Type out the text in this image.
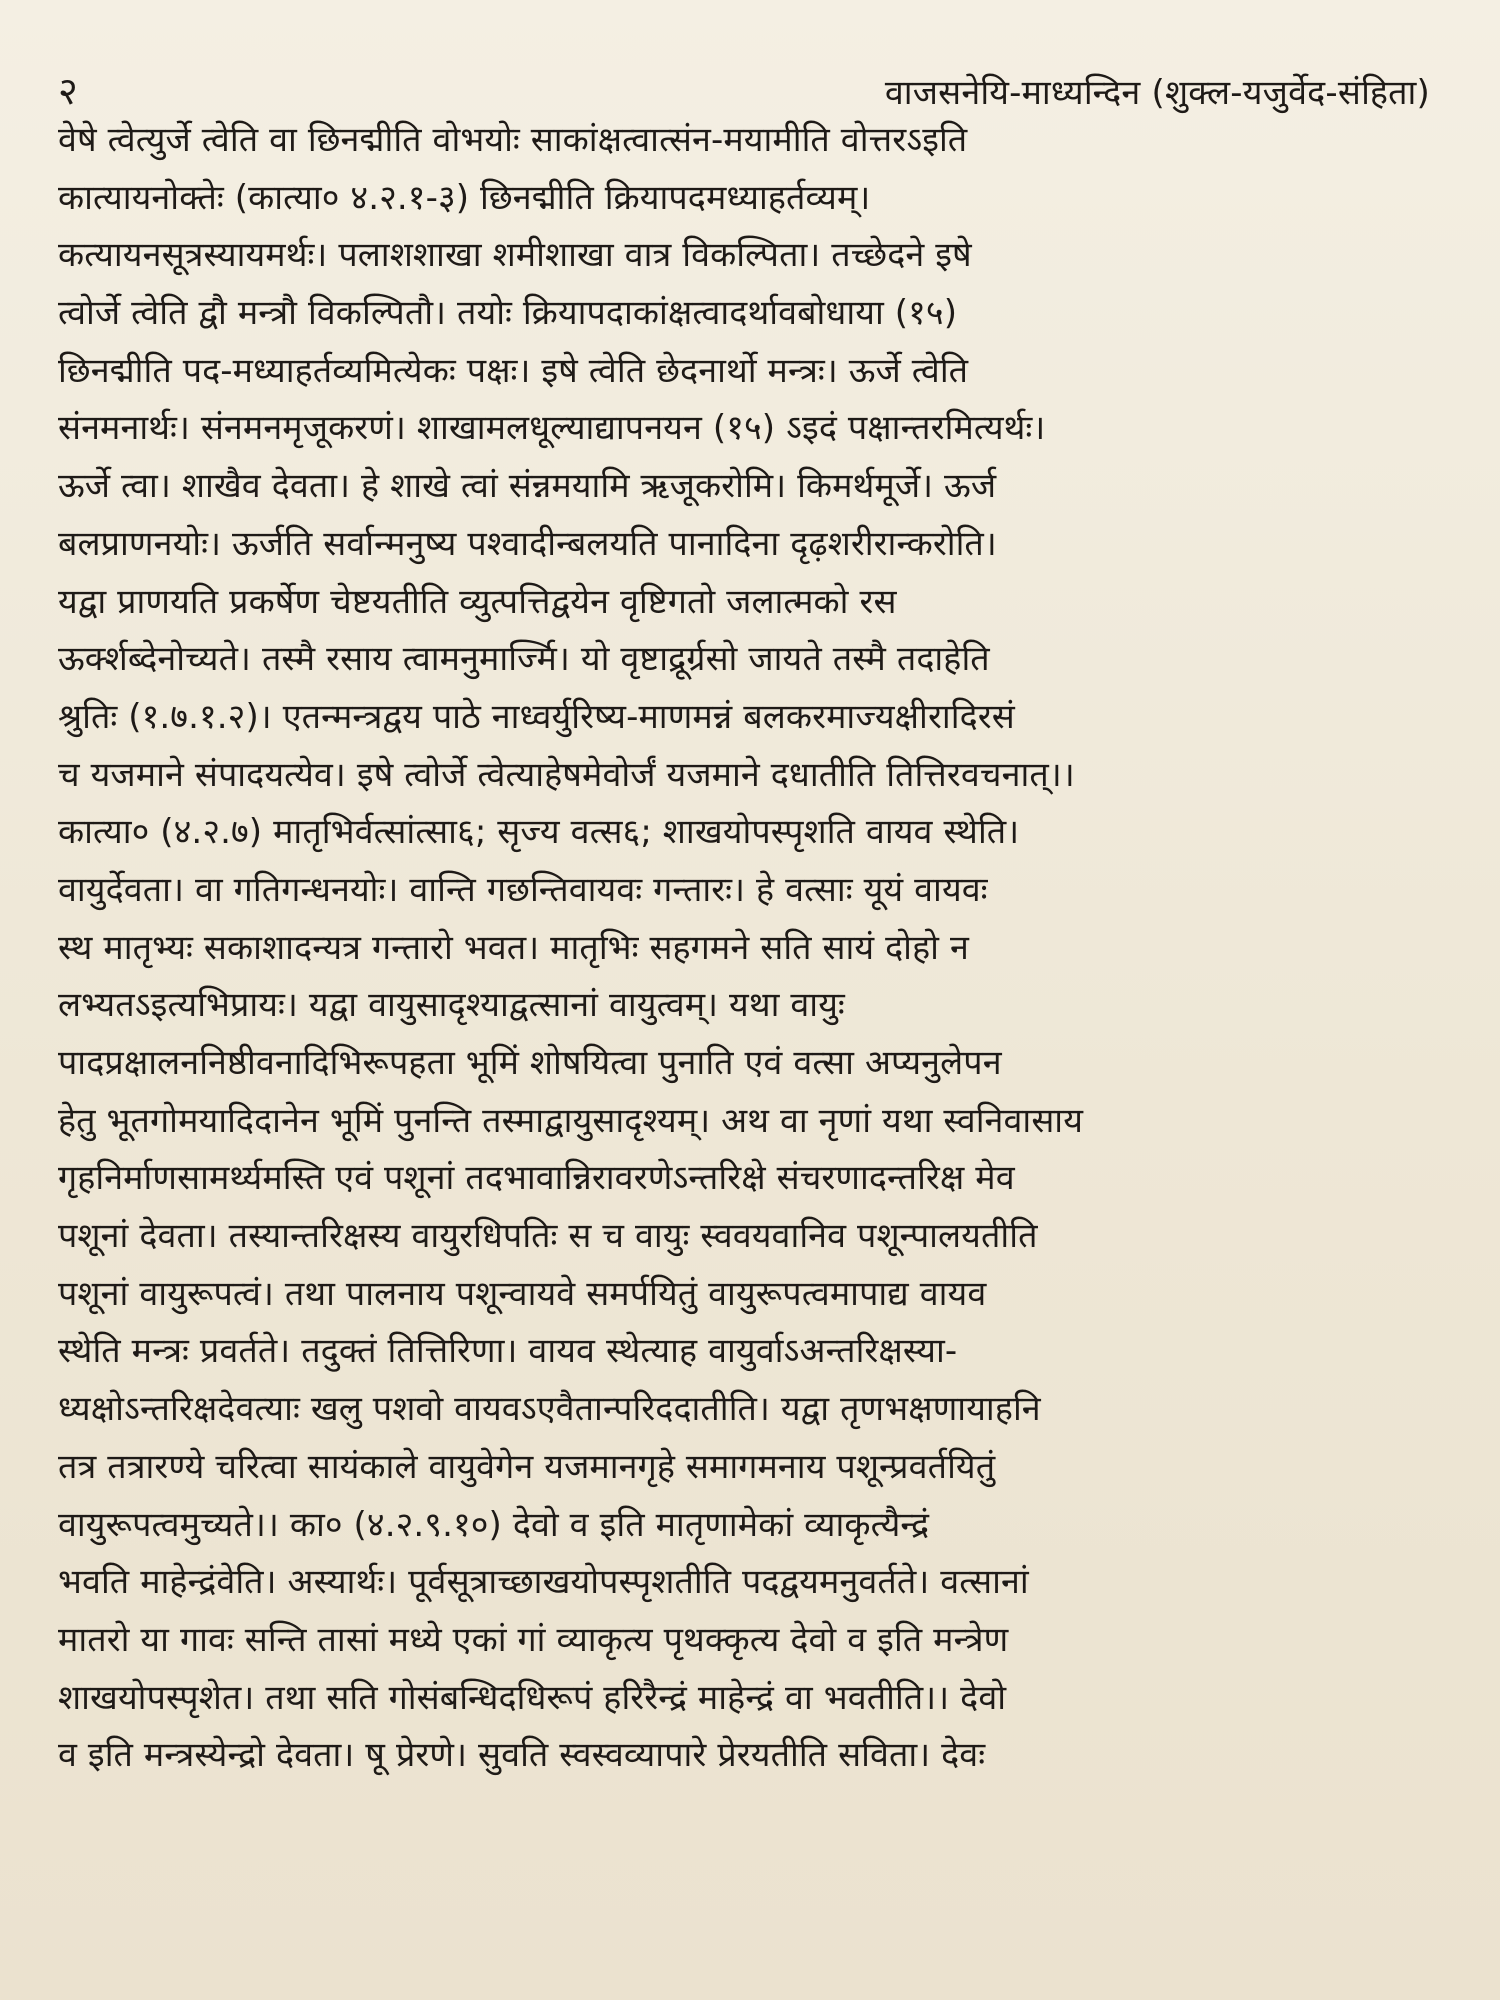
२	वाजसनेयि-माध्यन्दिन (शुक्ल-यजुर्वेद-संहिता)
वेषे त्वेत्युर्जे त्वेति वा छिनद्मीति वोभयोः साकांक्षत्वात्संन-मयामीति वोत्तरऽइति
कात्यायनोक्तेः (कात्या० ४.२.१-३) छिनद्मीति क्रियापदमध्याहर्तव्यम्।
कत्यायनसूत्रस्यायमर्थः। पलाशशाखा शमीशाखा वात्र विकल्पिता। तच्छेदने इषे
त्वोर्जे त्वेति द्वौ मन्त्रौ विकल्पितौ। तयोः क्रियापदाकांक्षत्वादर्थावबोधाया (१५)
छिनद्मीति पद-मध्याहर्तव्यमित्येकः पक्षः। इषे त्वेति छेदनार्थो मन्त्रः। ऊर्जे त्वेति
संनमनार्थः। संनमनमृजूकरणं। शाखामलधूल्याद्यापनयन (१५) ऽइदं पक्षान्तरमित्यर्थः।
ऊर्जे त्वा। शाखैव देवता। हे शाखे त्वां संन्नमयामि ऋजूकरोमि। किमर्थमूर्जे। ऊर्ज
बलप्राणनयोः। ऊर्जति सर्वान्मनुष्य पश्वादीन्बलयति पानादिना दृढ़शरीरान्करोति।
यद्वा प्राणयति प्रकर्षेण चेष्टयतीति व्युत्पत्तिद्वयेन वृष्टिगतो जलात्मको रस
ऊर्क्शब्देनोच्यते। तस्मै रसाय त्वामनुमार्ज्मि। यो वृष्टाद्रूर्ग्रसो जायते तस्मै तदाहेति
श्रुतिः (१.७.१.२)। एतन्मन्त्रद्वय पाठे नाध्वर्युरिष्य-माणमन्नं बलकरमाज्यक्षीरादिरसं
च यजमाने संपादयत्येव। इषे त्वोर्जे त्वेत्याहेषमेवोर्जं यजमाने दधातीति तित्तिरवचनात्।।
कात्या० (४.२.७) मातृभिर्वत्सांत्सा६; सृज्य वत्स६; शाखयोपस्पृशति वायव स्थेति।
वायुर्देवता। वा गतिगन्धनयोः। वान्ति गछन्तिवायवः गन्तारः। हे वत्साः यूयं वायवः
स्थ मातृभ्यः सकाशादन्यत्र गन्तारो भवत। मातृभिः सहगमने सति सायं दोहो न
लभ्यतऽइत्यभिप्रायः। यद्वा वायुसादृश्याद्वत्सानां वायुत्वम्। यथा वायुः
पादप्रक्षालननिष्ठीवनादिभिरूपहता भूमिं शोषयित्वा पुनाति एवं वत्सा अप्यनुलेपन
हेतु भूतगोमयादिदानेन भूमिं पुनन्ति तस्माद्वायुसादृश्यम्। अथ वा नृणां यथा स्वनिवासाय
गृहनिर्माणसामर्थ्यमस्ति एवं पशूनां तदभावान्निरावरणेऽन्तरिक्षे संचरणादन्तरिक्ष मेव
पशूनां देवता। तस्यान्तरिक्षस्य वायुरधिपतिः स च वायुः स्ववयवानिव पशून्पालयतीति
पशूनां वायुरूपत्वं। तथा पालनाय पशून्वायवे समर्पयितुं वायुरूपत्वमापाद्य वायव
स्थेति मन्त्रः प्रवर्तते। तदुक्तं तित्तिरिणा। वायव स्थेत्याह वायुर्वाऽअन्तरिक्षस्या-
ध्यक्षोऽन्तरिक्षदेवत्याः खलु पशवो वायवऽएवैतान्परिददातीति। यद्वा तृणभक्षणायाहनि
तत्र तत्रारण्ये चरित्वा सायंकाले वायुवेगेन यजमानगृहे समागमनाय पशून्प्रवर्तयितुं
वायुरूपत्वमुच्यते।। का० (४.२.९.१०) देवो व इति मातृणामेकां व्याकृत्यैन्द्रं
भवति माहेन्द्रंवेति। अस्यार्थः। पूर्वसूत्राच्छाखयोपस्पृशतीति पदद्वयमनुवर्तते। वत्सानां
मातरो या गावः सन्ति तासां मध्ये एकां गां व्याकृत्य पृथक्कृत्य देवो व इति मन्त्रेण
शाखयोपस्पृशेत। तथा सति गोसंबन्धिदधिरूपं हरिरैन्द्रं माहेन्द्रं वा भवतीति।। देवो
व इति मन्त्रस्येन्द्रो देवता। षू प्रेरणे। सुवति स्वस्वव्यापारे प्रेरयतीति सविता। देवः
